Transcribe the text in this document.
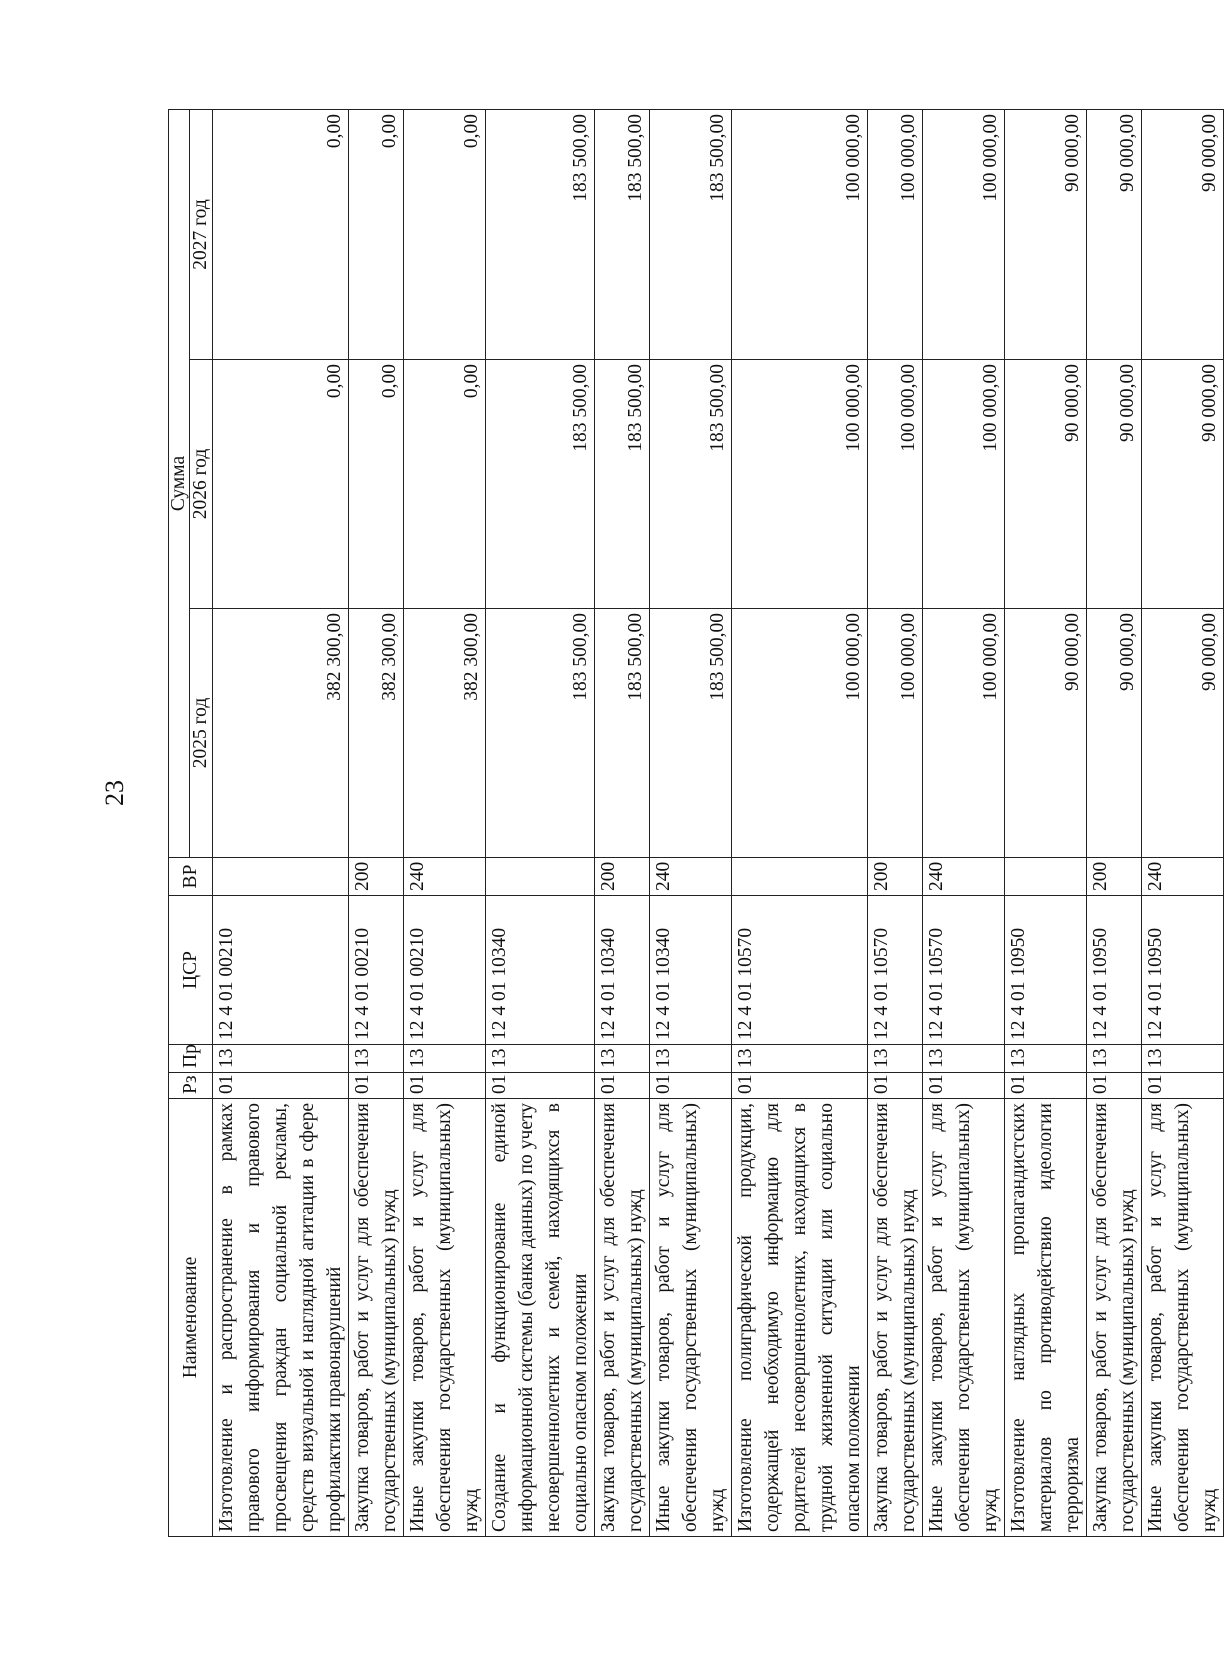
23
Наименование	Рз	Пр	ЦСР	ВР	Сумма		
					2025 год	2026 год	2027 год
Изготовление и распространение в рамках правового информирования и правового просвещения граждан социальной рекламы, средств визуальной и наглядной агитации в сфере профилактики правонарушений	01	13	12 4 01 00210		382 300,00	0,00	0,00
Закупка товаров, работ и услуг для обеспечения государственных (муниципальных) нужд	01	13	12 4 01 00210	200	382 300,00	0,00	0,00
Иные закупки товаров, работ и услуг для обеспечения государственных (муниципальных) нужд	01	13	12 4 01 00210	240	382 300,00	0,00	0,00
Создание и функционирование единой информационной системы (банка данных) по учету несовершеннолетних и семей, находящихся в социально опасном положении	01	13	12 4 01 10340		183 500,00	183 500,00	183 500,00
Закупка товаров, работ и услуг для обеспечения государственных (муниципальных) нужд	01	13	12 4 01 10340	200	183 500,00	183 500,00	183 500,00
Иные закупки товаров, работ и услуг для обеспечения государственных (муниципальных) нужд	01	13	12 4 01 10340	240	183 500,00	183 500,00	183 500,00
Изготовление полиграфической продукции, содержащей необходимую информацию для родителей несовершеннолетних, находящихся в трудной жизненной ситуации или социально опасном положении	01	13	12 4 01 10570		100 000,00	100 000,00	100 000,00
Закупка товаров, работ и услуг для обеспечения государственных (муниципальных) нужд	01	13	12 4 01 10570	200	100 000,00	100 000,00	100 000,00
Иные закупки товаров, работ и услуг для обеспечения государственных (муниципальных) нужд	01	13	12 4 01 10570	240	100 000,00	100 000,00	100 000,00
Изготовление наглядных пропагандистских материалов по противодействию идеологии терроризма	01	13	12 4 01 10950		90 000,00	90 000,00	90 000,00
Закупка товаров, работ и услуг для обеспечения государственных (муниципальных) нужд	01	13	12 4 01 10950	200	90 000,00	90 000,00	90 000,00
Иные закупки товаров, работ и услуг для обеспечения государственных (муниципальных) нужд	01	13	12 4 01 10950	240	90 000,00	90 000,00	90 000,00
